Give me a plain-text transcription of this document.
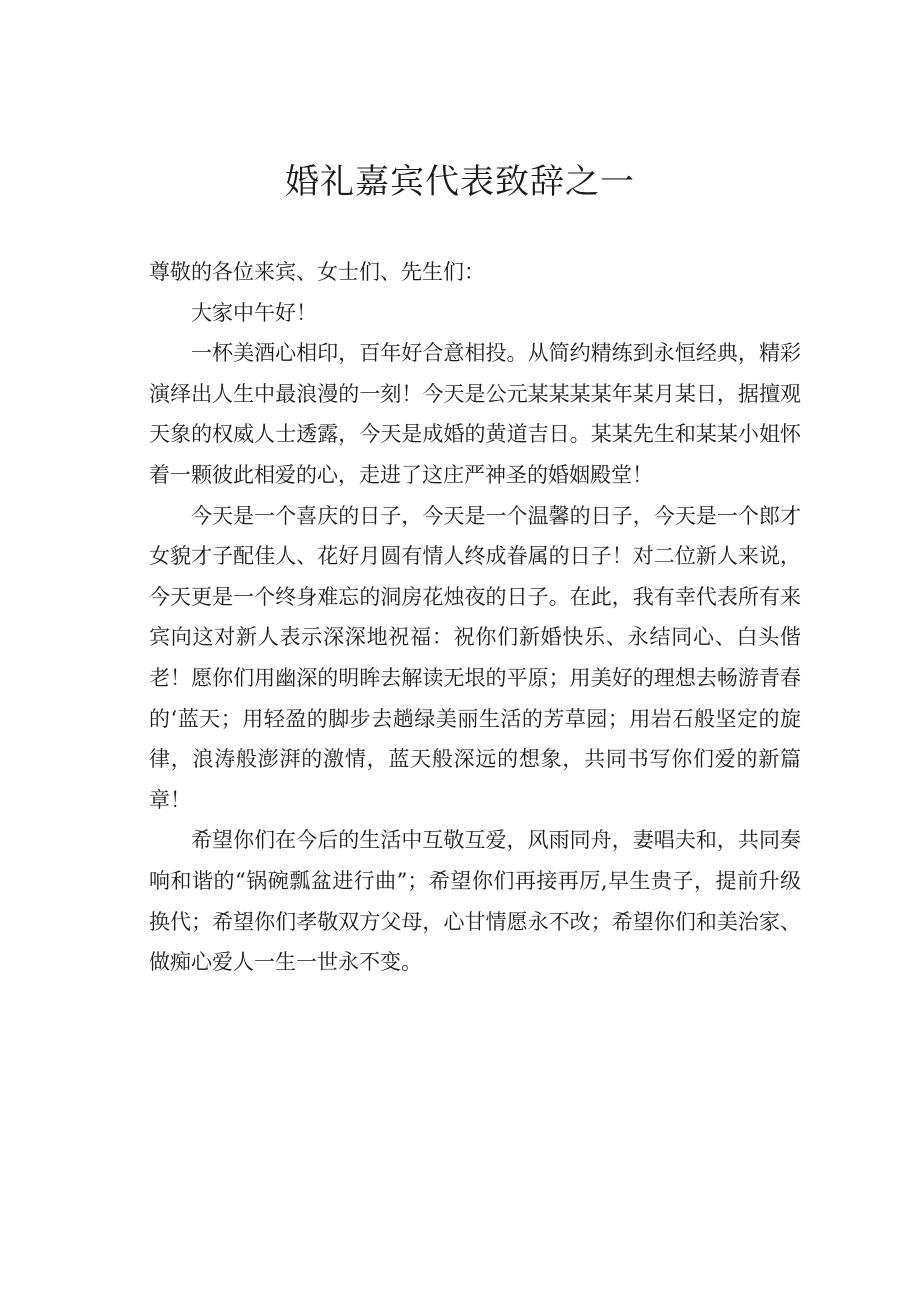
婚礼嘉宾代表致辞之一

尊敬的各位来宾、女士们、先生们：

大家中午好！

一杯美酒心相印，百年好合意相投。从简约精练到永恒经典，精彩演绎出人生中最浪漫的一刻！今天是公元某某某某年某月某日，据擅观天象的权威人士透露，今天是成婚的黄道吉日。某某先生和某某小姐怀着一颗彼此相爱的心，走进了这庄严神圣的婚姻殿堂！

今天是一个喜庆的日子，今天是一个温馨的日子，今天是一个郎才女貌才子配佳人、花好月圆有情人终成眷属的日子！对二位新人来说，今天更是一个终身难忘的洞房花烛夜的日子。在此，我有幸代表所有来宾向这对新人表示深深地祝福：祝你们新婚快乐、永结同心、白头偕老！愿你们用幽深的明眸去解读无垠的平原；用美好的理想去畅游青春的‘蓝天；用轻盈的脚步去趟绿美丽生活的芳草园；用岩石般坚定的旋律，浪涛般澎湃的激情，蓝天般深远的想象，共同书写你们爱的新篇章！

希望你们在今后的生活中互敬互爱，风雨同舟，妻唱夫和，共同奏响和谐的“锅碗瓢盆进行曲”；希望你们再接再厉,早生贵子，提前升级换代；希望你们孝敬双方父母，心甘情愿永不改；希望你们和美治家、做痴心爱人一生一世永不变。
